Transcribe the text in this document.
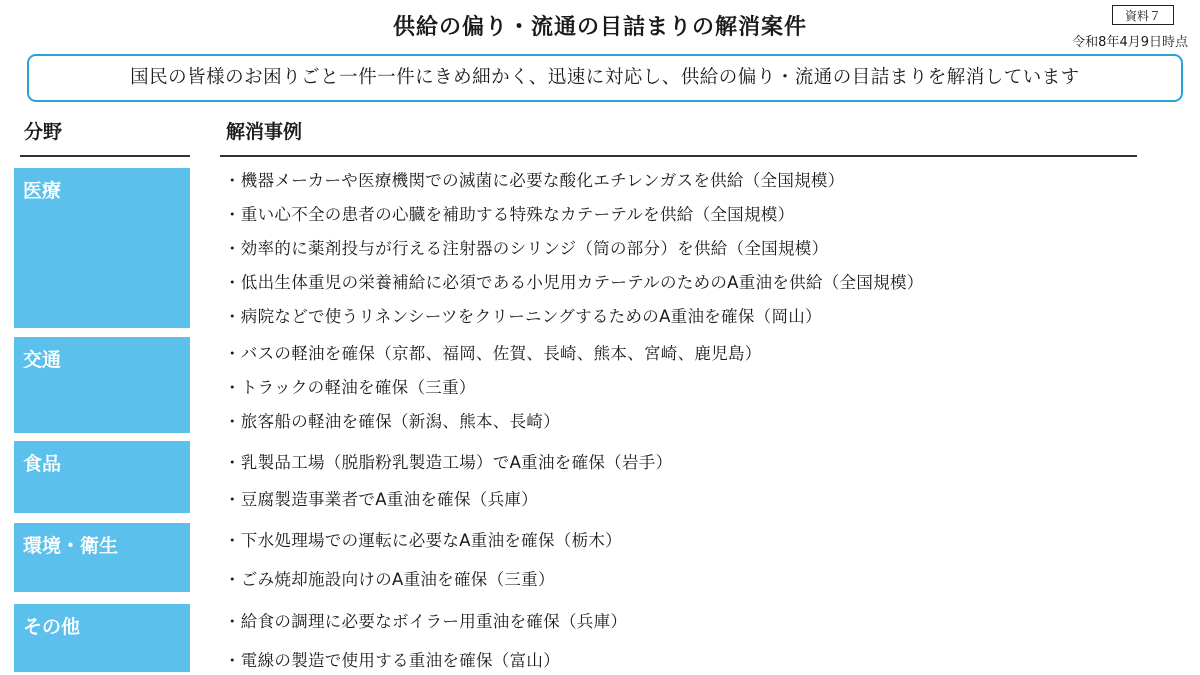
供給の偏り・流通の目詰まりの解消案件	資料７
令和8年4月9日時点
国民の皆様のお困りごと一件一件にきめ細かく、迅速に対応し、供給の偏り・流通の目詰まりを解消しています
分野	解消事例
医療	・機器メーカーや医療機関での滅菌に必要な酸化エチレンガスを供給（全国規模）
・重い心不全の患者の心臓を補助する特殊なカテーテルを供給（全国規模）
・効率的に薬剤投与が行える注射器のシリンジ（筒の部分）を供給（全国規模）
・低出生体重児の栄養補給に必須である小児用カテーテルのためのA重油を供給（全国規模）
・病院などで使うリネンシーツをクリーニングするためのA重油を確保（岡山）
交通	・バスの軽油を確保（京都、福岡、佐賀、長崎、熊本、宮崎、鹿児島）
・トラックの軽油を確保（三重）
・旅客船の軽油を確保（新潟、熊本、長崎）
食品	・乳製品工場（脱脂粉乳製造工場）でA重油を確保（岩手）
・豆腐製造事業者でA重油を確保（兵庫）
環境・衛生	・下水処理場での運転に必要なA重油を確保（栃木）
・ごみ焼却施設向けのA重油を確保（三重）
その他	・給食の調理に必要なボイラー用重油を確保（兵庫）
・電線の製造で使用する重油を確保（富山）
